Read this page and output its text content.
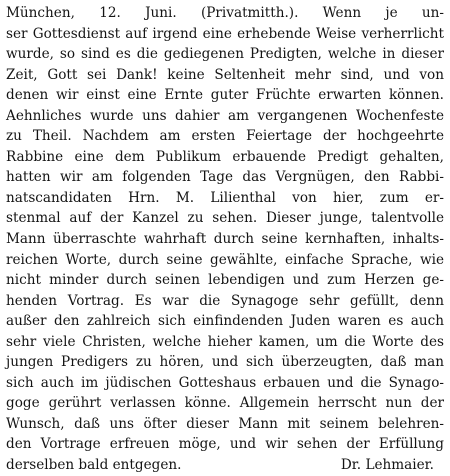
München, 12. Juni. (Privatmitth.). Wenn je un-
ser Gottesdienst auf irgend eine erhebende Weise verherrlicht
wurde, so sind es die gediegenen Predigten, welche in dieser
Zeit, Gott sei Dank! keine Seltenheit mehr sind, und von
denen wir einst eine Ernte guter Früchte erwarten können.
Aehnliches wurde uns dahier am vergangenen Wochenfeste
zu Theil. Nachdem am ersten Feiertage der hochgeehrte
Rabbine eine dem Publikum erbauende Predigt gehalten,
hatten wir am folgenden Tage das Vergnügen, den Rabbi-
natscandidaten Hrn. M. Lilienthal von hier, zum er-
stenmal auf der Kanzel zu sehen. Dieser junge, talentvolle
Mann überraschte wahrhaft durch seine kernhaften, inhalts-
reichen Worte, durch seine gewählte, einfache Sprache, wie
nicht minder durch seinen lebendigen und zum Herzen ge-
henden Vortrag. Es war die Synagoge sehr gefüllt, denn
außer den zahlreich sich einfindenden Juden waren es auch
sehr viele Christen, welche hieher kamen, um die Worte des
jungen Predigers zu hören, und sich überzeugten, daß man
sich auch im jüdischen Gotteshaus erbauen und die Synago-
goge gerührt verlassen könne. Allgemein herrscht nun der
Wunsch, daß uns öfter dieser Mann mit seinem belehren-
den Vortrage erfreuen möge, und wir sehen der Erfüllung
derselben bald entgegen.	Dr. Lehmaier.
